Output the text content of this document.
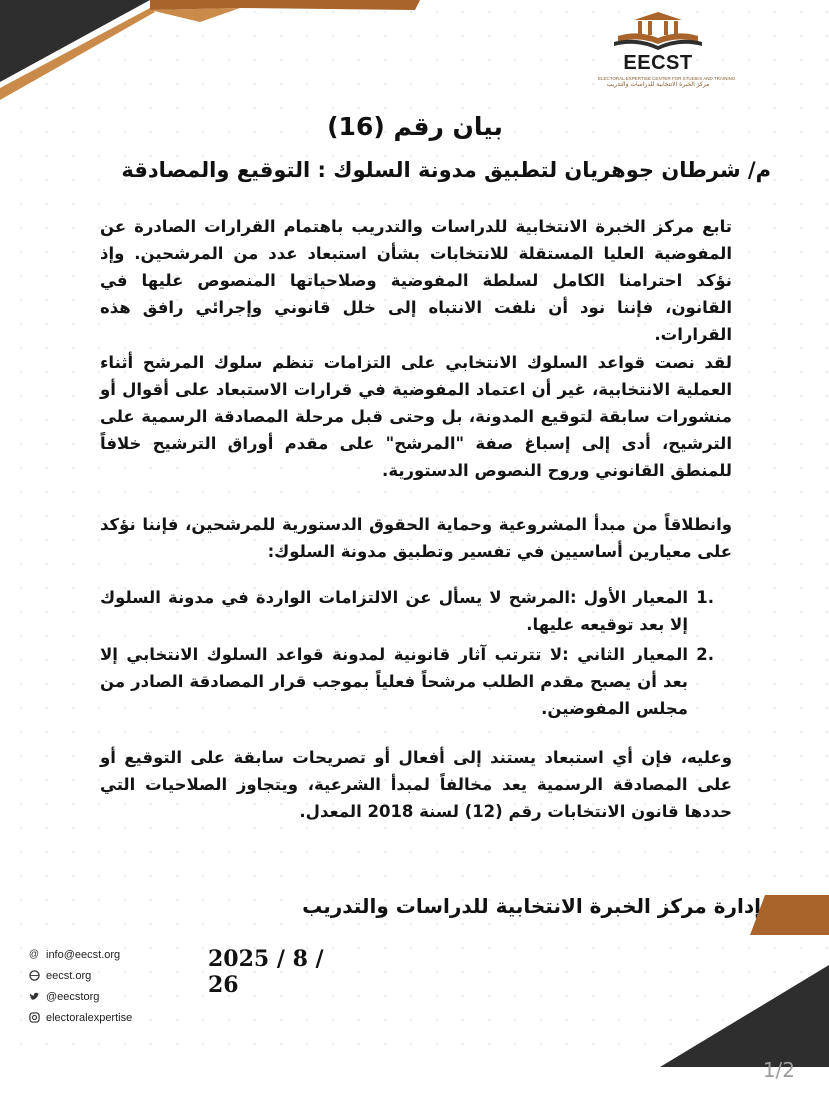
EECST
ELECTORAL EXPERTISE CENTER FOR STUDIES AND TRAINING
مركز الخبرة الانتخابية للدراسات والتدريب
بيان رقم (16)
م/ شرطان جوهريان لتطبيق مدونة السلوك : التوقيع والمصادقة
تابع مركز الخبرة الانتخابية للدراسات والتدريب باهتمام القرارات الصادرة عن المفوضية العليا المستقلة للانتخابات بشأن استبعاد عدد من المرشحين. وإذ نؤكد احترامنا الكامل لسلطة المفوضية وصلاحياتها المنصوص عليها في القانون، فإننا نود أن نلفت الانتباه إلى خلل قانوني وإجرائي رافق هذه القرارات.
لقد نصت قواعد السلوك الانتخابي على التزامات تنظم سلوك المرشح أثناء العملية الانتخابية، غير أن اعتماد المفوضية في قرارات الاستبعاد على أقوال أو منشورات سابقة لتوقيع المدونة، بل وحتى قبل مرحلة المصادقة الرسمية على الترشيح، أدى إلى إسباغ صفة "المرشح" على مقدم أوراق الترشيح خلافاً للمنطق القانوني وروح النصوص الدستورية.
وانطلاقاً من مبدأ المشروعية وحماية الحقوق الدستورية للمرشحين، فإننا نؤكد على معيارين أساسيين في تفسير وتطبيق مدونة السلوك:
.1
المعيار الأول :المرشح لا يسأل عن الالتزامات الواردة في مدونة السلوك إلا بعد توقيعه عليها.
.2
المعيار الثاني :لا تترتب آثار قانونية لمدونة قواعد السلوك الانتخابي إلا بعد أن يصبح مقدم الطلب مرشحاً فعلياً بموجب قرار المصادقة الصادر من مجلس المفوضين.
وعليه، فإن أي استبعاد يستند إلى أفعال أو تصريحات سابقة على التوقيع أو على المصادقة الرسمية يعد مخالفاً لمبدأ الشرعية، ويتجاوز الصلاحيات التي حددها قانون الانتخابات رقم (12) لسنة 2018 المعدل.
إدارة مركز الخبرة الانتخابية للدراسات والتدريب
2025 / 8 / 26
@ info@eecst.org
eecst.org
@eecstorg
electoralexpertise
1/2
